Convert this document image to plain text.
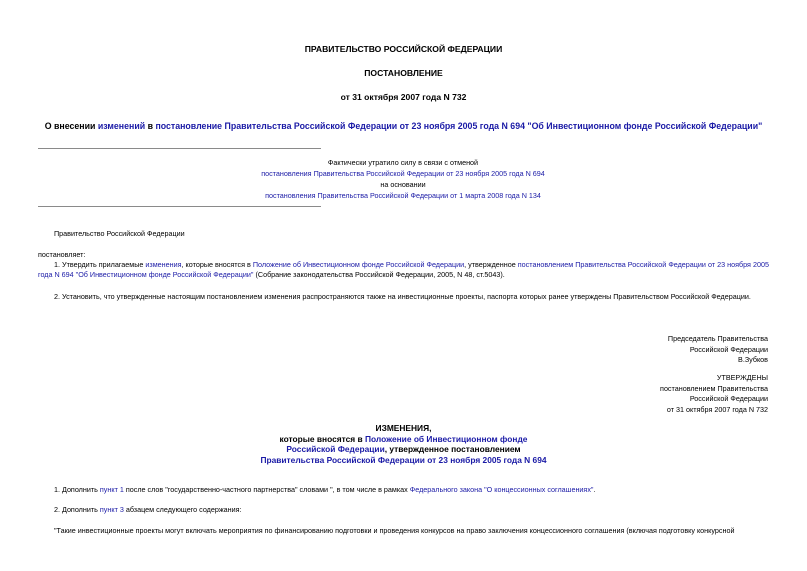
ПРАВИТЕЛЬСТВО РОССИЙСКОЙ ФЕДЕРАЦИИ
ПОСТАНОВЛЕНИЕ
от 31 октября 2007 года N 732
О внесении изменений в постановление Правительства Российской Федерации от 23 ноября 2005 года N 694 "Об Инвестиционном фонде Российской Федерации"
Фактически утратило силу в связи с отменой
постановления Правительства Российской Федерации от 23 ноября 2005 года N 694
на основании
постановления Правительства Российской Федерации от 1 марта 2008 года N 134
Правительство Российской Федерации
постановляет:
1. Утвердить прилагаемые изменения, которые вносятся в Положение об Инвестиционном фонде Российской Федерации, утвержденное постановлением Правительства Российской Федерации от 23 ноября 2005 года N 694 "Об Инвестиционном фонде Российской Федерации" (Собрание законодательства Российской Федерации, 2005, N 48, ст.5043).
2. Установить, что утвержденные настоящим постановлением изменения распространяются также на инвестиционные проекты, паспорта которых ранее утверждены Правительством Российской Федерации.
Председатель Правительства
Российской Федерации
В.Зубков
УТВЕРЖДЕНЫ
постановлением Правительства
Российской Федерации
от 31 октября 2007 года N 732
ИЗМЕНЕНИЯ,
которые вносятся в Положение об Инвестиционном фонде
Российской Федерации, утвержденное постановлением
Правительства Российской Федерации от 23 ноября 2005 года N 694
1. Дополнить пункт 1 после слов "государственно-частного партнерства" словами ", в том числе в рамках Федерального закона "О концессионных соглашениях".
2. Дополнить пункт 3 абзацем следующего содержания:
"Такие инвестиционные проекты могут включать мероприятия по финансированию подготовки и проведения конкурсов на право заключения концессионного соглашения (включая подготовку конкурсной
